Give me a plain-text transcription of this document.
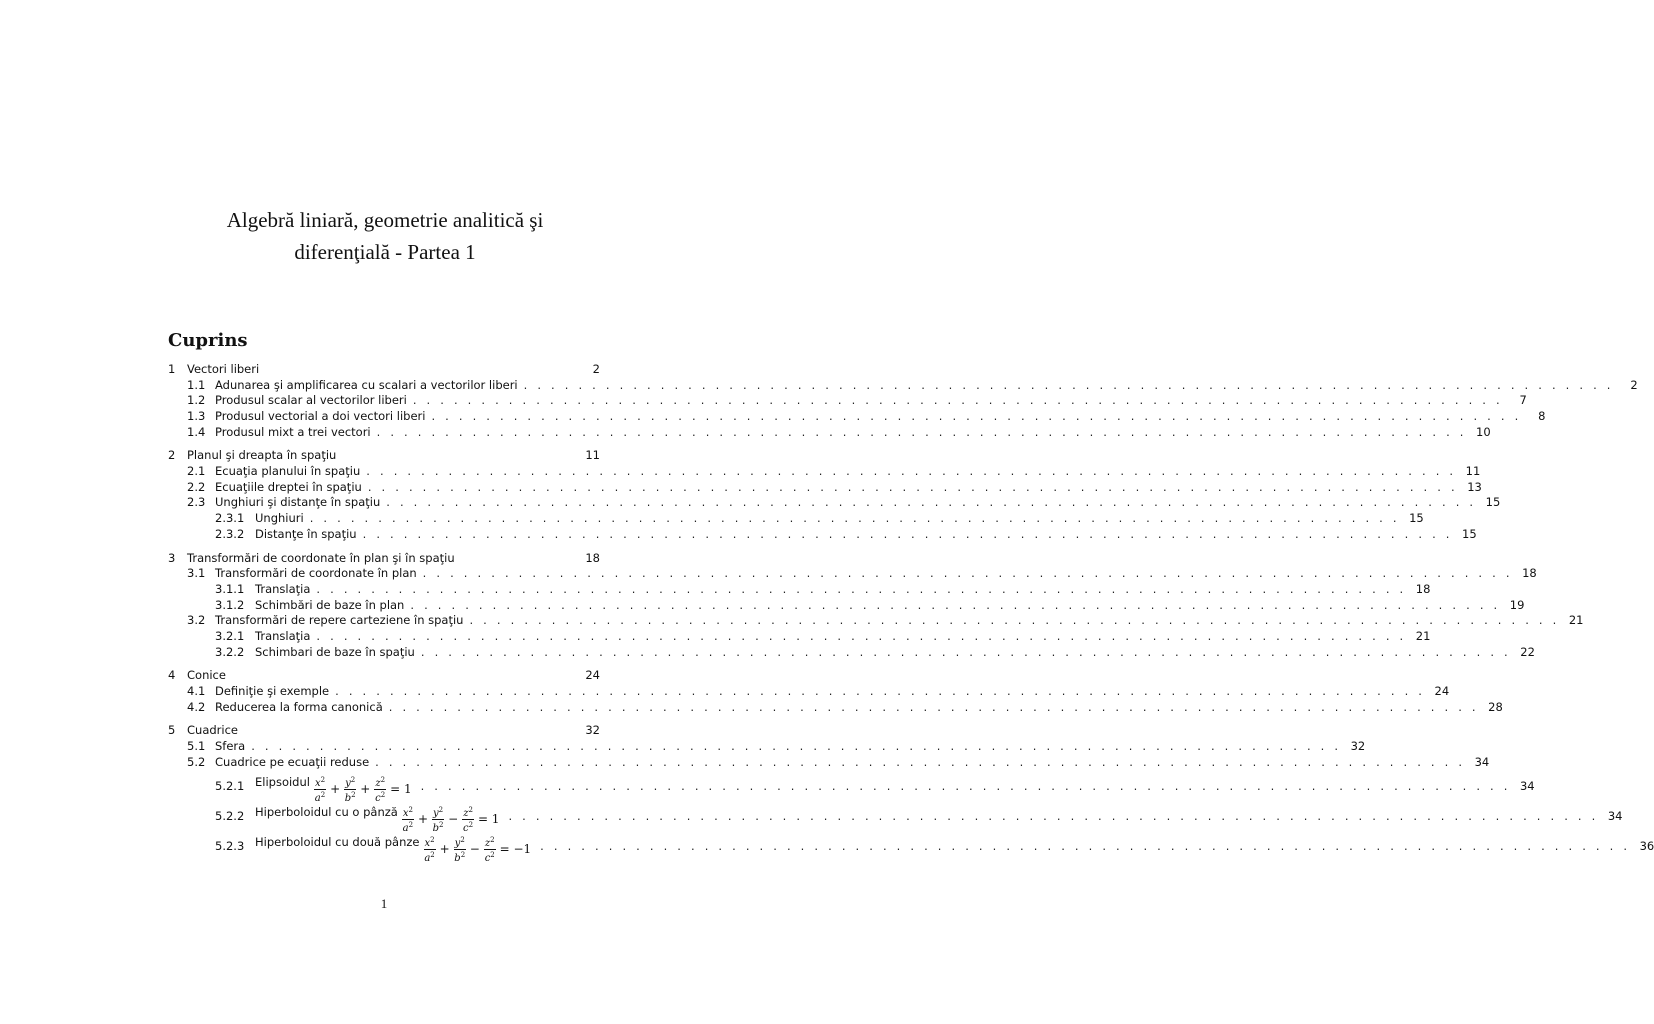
Algebră liniară, geometrie analitică şi
diferenţială - Partea 1
Cuprins
1	Vectori liberi	2
1.1 Adunarea şi amplificarea cu scalari a vectorilor liberi . . . . . . . . . . . . . . . . . . . . . . . . . . . . . . . . . . . . . . . . . . . . . . . . . . . . . . . . . . . . . . . . . . . . . . . . . . . . . . . .	2
1.2 Produsul scalar al vectorilor liberi . . . . . . . . . . . . . . . . . . . . . . . . . . . . . . . . . . . . . . . . . . . . . . . . . . . . . . . . . . . . . . . . . . . . . . . . . . . . . . . .	7
1.3 Produsul vectorial a doi vectori liberi . . . . . . . . . . . . . . . . . . . . . . . . . . . . . . . . . . . . . . . . . . . . . . . . . . . . . . . . . . . . . . . . . . . . . . . . . . . . . . . .	8
1.4 Produsul mixt a trei vectori . . . . . . . . . . . . . . . . . . . . . . . . . . . . . . . . . . . . . . . . . . . . . . . . . . . . . . . . . . . . . . . . . . . . . . . . . . . . . . . . 10
2	Planul şi dreapta în spaţiu	11
2.1 Ecuaţia planului în spaţiu . . . . . . . . . . . . . . . . . . . . . . . . . . . . . . . . . . . . . . . . . . . . . . . . . . . . . . . . . . . . . . . . . . . . . . . . . . . . . . . . 11
2.2 Ecuaţiile dreptei în spaţiu . . . . . . . . . . . . . . . . . . . . . . . . . . . . . . . . . . . . . . . . . . . . . . . . . . . . . . . . . . . . . . . . . . . . . . . . . . . . . . . . 13
2.3 Unghiuri şi distanţe în spaţiu . . . . . . . . . . . . . . . . . . . . . . . . . . . . . . . . . . . . . . . . . . . . . . . . . . . . . . . . . . . . . . . . . . . . . . . . . . . . . . . . 15
2.3.1 Unghiuri . . . . . . . . . . . . . . . . . . . . . . . . . . . . . . . . . . . . . . . . . . . . . . . . . . . . . . . . . . . . . . . . . . . . . . . . . . . . . . . . 15
2.3.2 Distanţe în spaţiu . . . . . . . . . . . . . . . . . . . . . . . . . . . . . . . . . . . . . . . . . . . . . . . . . . . . . . . . . . . . . . . . . . . . . . . . . . . . . . . . 15
3	Transformări de coordonate în plan şi în spaţiu	18
3.1 Transformări de coordonate în plan . . . . . . . . . . . . . . . . . . . . . . . . . . . . . . . . . . . . . . . . . . . . . . . . . . . . . . . . . . . . . . . . . . . . . . . . . . . . . . . . 18
3.1.1 Translaţia . . . . . . . . . . . . . . . . . . . . . . . . . . . . . . . . . . . . . . . . . . . . . . . . . . . . . . . . . . . . . . . . . . . . . . . . . . . . . . . . 18
3.1.2 Schimbări de baze în plan . . . . . . . . . . . . . . . . . . . . . . . . . . . . . . . . . . . . . . . . . . . . . . . . . . . . . . . . . . . . . . . . . . . . . . . . . . . . . . . . 19
3.2 Transformări de repere carteziene în spaţiu . . . . . . . . . . . . . . . . . . . . . . . . . . . . . . . . . . . . . . . . . . . . . . . . . . . . . . . . . . . . . . . . . . . . . . . . . . . . . . . . 21
3.2.1 Translaţia . . . . . . . . . . . . . . . . . . . . . . . . . . . . . . . . . . . . . . . . . . . . . . . . . . . . . . . . . . . . . . . . . . . . . . . . . . . . . . . . 21
3.2.2 Schimbari de baze în spaţiu . . . . . . . . . . . . . . . . . . . . . . . . . . . . . . . . . . . . . . . . . . . . . . . . . . . . . . . . . . . . . . . . . . . . . . . . . . . . . . . . 22
4	Conice	24
4.1 Definiţie şi exemple . . . . . . . . . . . . . . . . . . . . . . . . . . . . . . . . . . . . . . . . . . . . . . . . . . . . . . . . . . . . . . . . . . . . . . . . . . . . . . . . 24
4.2 Reducerea la forma canonică . . . . . . . . . . . . . . . . . . . . . . . . . . . . . . . . . . . . . . . . . . . . . . . . . . . . . . . . . . . . . . . . . . . . . . . . . . . . . . . . 28
5	Cuadrice	32
5.1 Sfera . . . . . . . . . . . . . . . . . . . . . . . . . . . . . . . . . . . . . . . . . . . . . . . . . . . . . . . . . . . . . . . . . . . . . . . . . . . . . . . . 32
5.2 Cuadrice pe ecuaţii reduse . . . . . . . . . . . . . . . . . . . . . . . . . . . . . . . . . . . . . . . . . . . . . . . . . . . . . . . . . . . . . . . . . . . . . . . . . . . . . . . . 34
5.2.1 Elipsoidul $\frac{x^2}{a^2} + \frac{y^2}{b^2} + \frac{z^2}{c^2} = 1$ . . . . . . . . . . . . . . . . . . . . . . . . . . . . . . . . . . . . . . . . . . . . . . . . . . . . . . . . . . . . . . . . . . . . . . . . . . . . . . . . 34
5.2.2 Hiperboloidul cu o pânză $\frac{x^2}{a^2} + \frac{y^2}{b^2} - \frac{z^2}{c^2} = 1$ . . . . . . . . . . . . . . . . . . . . . . . . . . . . . . . . . . . . . . . . . . . . . . . . . . . . . . . . . . . . . . . . . . . . . . . . . . . . . . . . 34
5.2.3 Hiperboloidul cu două pânze $\frac{x^2}{a^2} + \frac{y^2}{b^2} - \frac{z^2}{c^2} = -1$ . . . . . . . . . . . . . . . . . . . . . . . . . . . . . . . . . . . . . . . . . . . . . . . . . . . . . . . . . . . . . . . . . . . . . . . . . . . . . . . . 36
1
